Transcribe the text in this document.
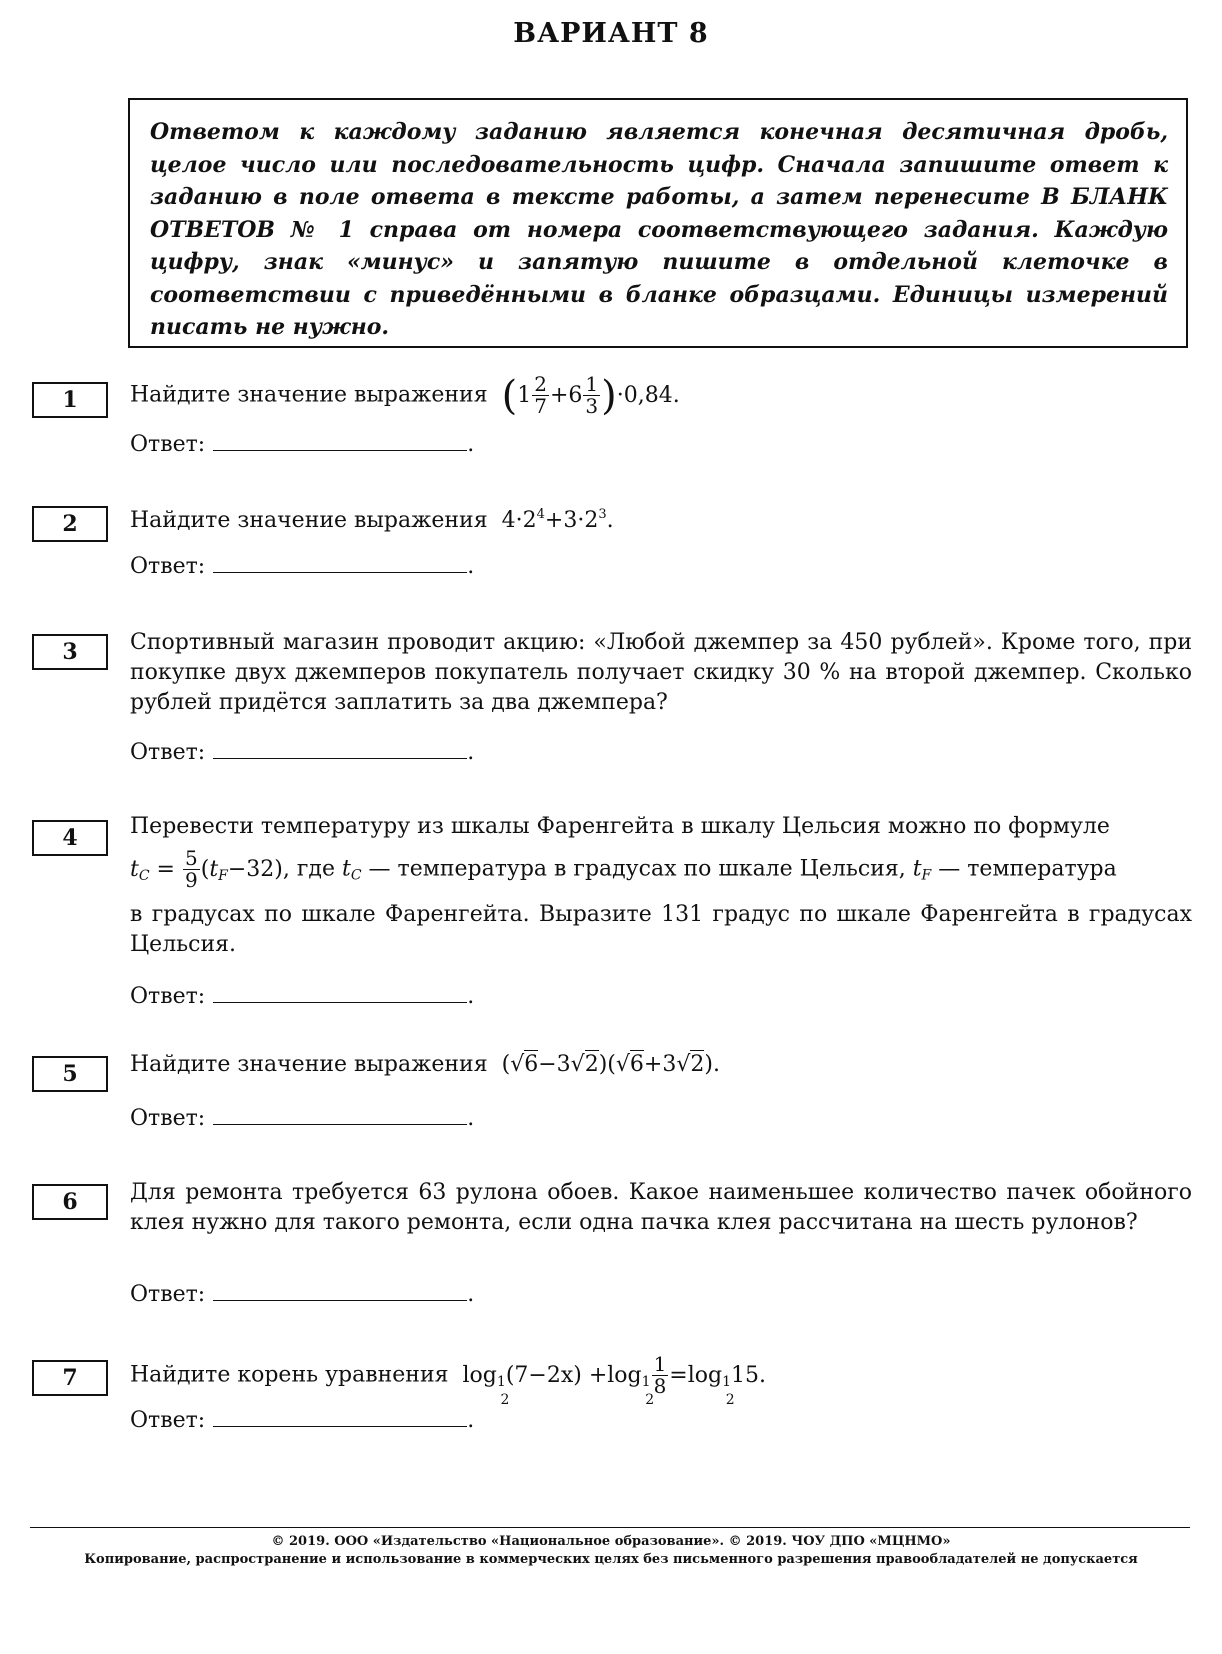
ВАРИАНТ 8
Ответом к каждому заданию является конечная десятичная дробь, целое число или последовательность цифр. Сначала запишите ответ к заданию в поле ответа в тексте работы, а затем перенесите В БЛАНК ОТВЕТОВ № 1 справа от номера соответствующего задания. Каждую цифру, знак «минус» и запятую пишите в отдельной клеточке в соответствии с приведёнными в бланке образцами. Единицы измерений писать не нужно.
1	Найдите значение выражения $(1 \frac{2}{7} +6 \frac{1}{3} )\cdot 0,84$.
Ответ:	.
2	Найдите значение выражения $4\cdot 2^4+3\cdot 2^3$.
Ответ:	.
3	Спортивный магазин проводит акцию: «Любой джемпер за 450 рублей». Кроме того, при покупке двух джемперов покупатель получает скидку 30 % на второй джемпер. Сколько рублей придётся заплатить за два джемпера?
Ответ:	.
4	Перевести температуру из шкалы Фаренгейта в шкалу Цельсия можно по формуле
$t_C = \frac{5}{9} (t_F-32)$, где $t_C$ — температура в градусах по шкале Цельсия, $t_F$ — температура
в градусах по шкале Фаренгейта. Выразите 131 градус по шкале Фаренгейта в градусах Цельсия.
Ответ:	.
5	Найдите значение выражения (√6−3√2)(√6+3√2).
Ответ:	.
6	Для ремонта требуется 63 рулона обоев. Какое наименьшее количество пачек обойного клея нужно для такого ремонта, если одна пачка клея рассчитана на шесть рулонов?
Ответ:	.
7	Найдите корень уравнения $\log_1$
2
$(7-2x) +\log_1$
2
$\frac{1}{8} =\log_1$
2
15.
Ответ:	.
© 2019. ООО «Издательство «Национальное образование». © 2019. ЧОУ ДПО «МЦНМО»
Копирование, распространение и использование в коммерческих целях без письменного разрешения правообладателей не допускается
